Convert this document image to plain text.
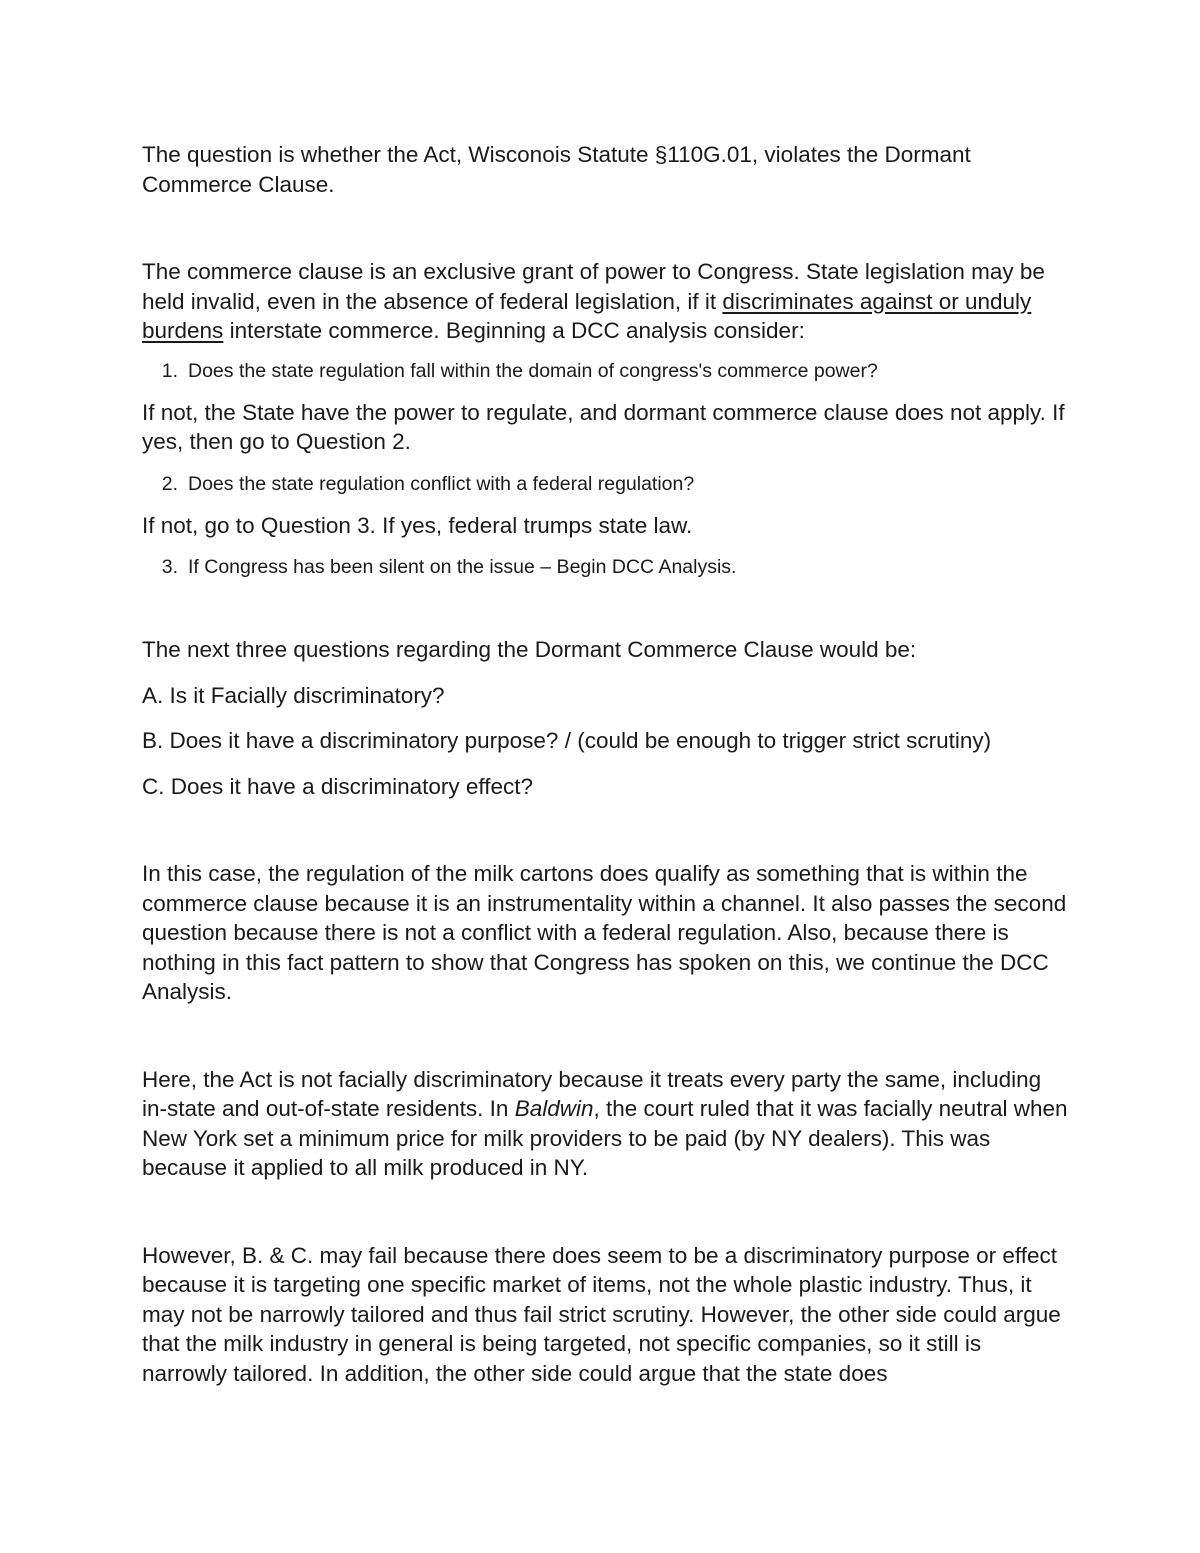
The question is whether the Act, Wisconois Statute §110G.01, violates the Dormant Commerce Clause.

The commerce clause is an exclusive grant of power to Congress. State legislation may be held invalid, even in the absence of federal legislation, if it discriminates against or unduly burdens interstate commerce. Beginning a DCC analysis consider:

1. Does the state regulation fall within the domain of congress's commerce power?

If not, the State have the power to regulate, and dormant commerce clause does not apply. If yes, then go to Question 2.

2. Does the state regulation conflict with a federal regulation?

If not, go to Question 3. If yes, federal trumps state law.

3. If Congress has been silent on the issue – Begin DCC Analysis.

The next three questions regarding the Dormant Commerce Clause would be:

A. Is it Facially discriminatory?

B. Does it have a discriminatory purpose? / (could be enough to trigger strict scrutiny)

C. Does it have a discriminatory effect?

In this case, the regulation of the milk cartons does qualify as something that is within the commerce clause because it is an instrumentality within a channel. It also passes the second question because there is not a conflict with a federal regulation. Also, because there is nothing in this fact pattern to show that Congress has spoken on this, we continue the DCC Analysis.

Here, the Act is not facially discriminatory because it treats every party the same, including in-state and out-of-state residents. In Baldwin, the court ruled that it was facially neutral when New York set a minimum price for milk providers to be paid (by NY dealers). This was because it applied to all milk produced in NY.

However, B. & C. may fail because there does seem to be a discriminatory purpose or effect because it is targeting one specific market of items, not the whole plastic industry. Thus, it may not be narrowly tailored and thus fail strict scrutiny. However, the other side could argue that the milk industry in general is being targeted, not specific companies, so it still is narrowly tailored. In addition, the other side could argue that the state does
